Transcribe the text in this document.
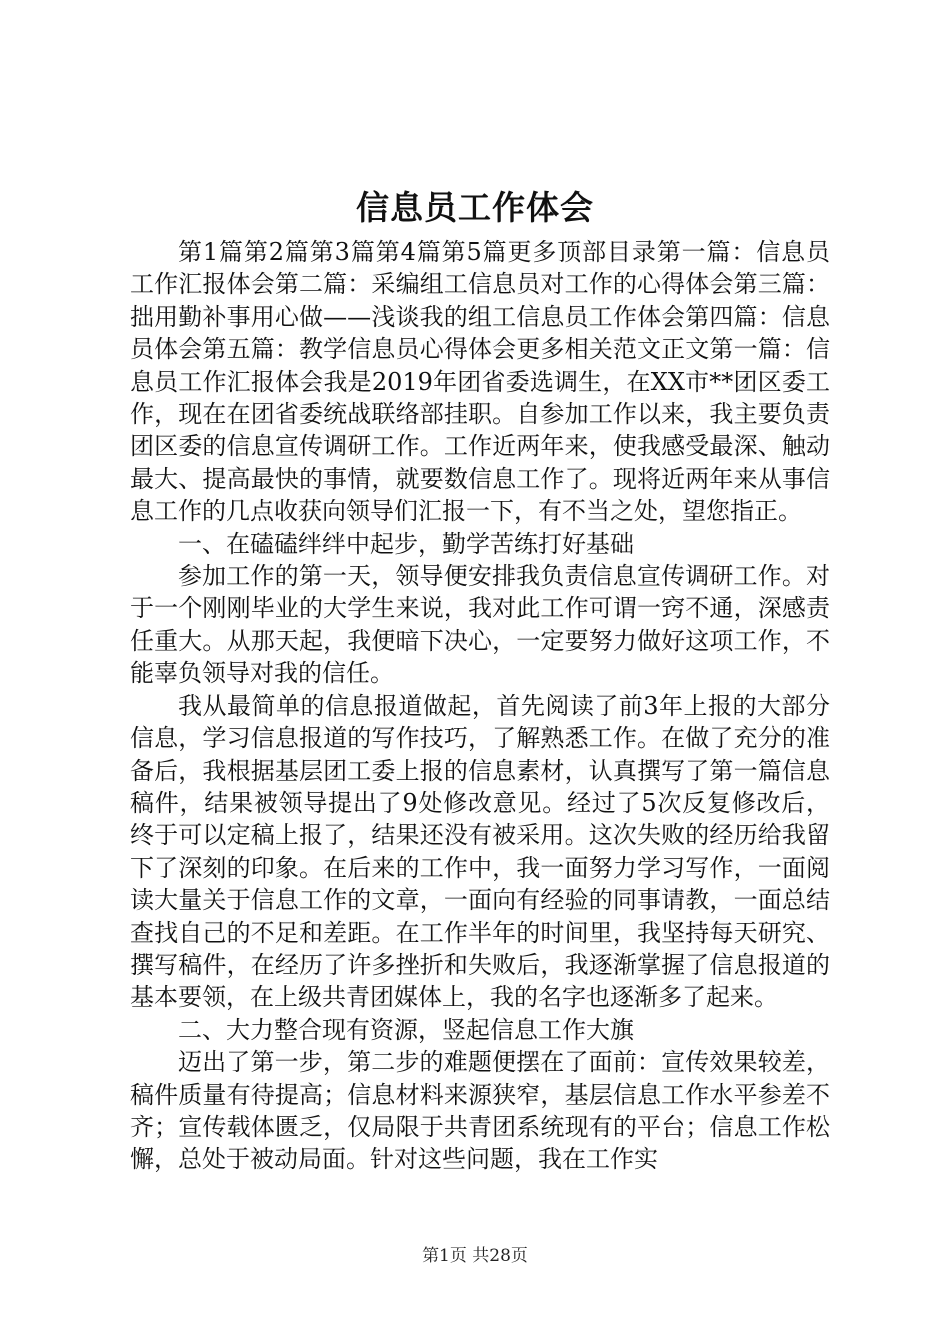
信息员工作体会

第1篇第2篇第3篇第4篇第5篇更多顶部目录第一篇：信息员工作汇报体会第二篇：采编组工信息员对工作的心得体会第三篇：拙用勤补事用心做——浅谈我的组工信息员工作体会第四篇：信息员体会第五篇：教学信息员心得体会更多相关范文正文第一篇：信息员工作汇报体会我是2019年团省委选调生，在XX市**团区委工作，现在在团省委统战联络部挂职。自参加工作以来，我主要负责团区委的信息宣传调研工作。工作近两年来，使我感受最深、触动最大、提高最快的事情，就要数信息工作了。现将近两年来从事信息工作的几点收获向领导们汇报一下，有不当之处，望您指正。

一、在磕磕绊绊中起步，勤学苦练打好基础

参加工作的第一天，领导便安排我负责信息宣传调研工作。对于一个刚刚毕业的大学生来说，我对此工作可谓一窍不通，深感责任重大。从那天起，我便暗下决心，一定要努力做好这项工作，不能辜负领导对我的信任。

我从最简单的信息报道做起，首先阅读了前3年上报的大部分信息，学习信息报道的写作技巧，了解熟悉工作。在做了充分的准备后，我根据基层团工委上报的信息素材，认真撰写了第一篇信息稿件，结果被领导提出了9处修改意见。经过了5次反复修改后，终于可以定稿上报了，结果还没有被采用。这次失败的经历给我留下了深刻的印象。在后来的工作中，我一面努力学习写作，一面阅读大量关于信息工作的文章，一面向有经验的同事请教，一面总结查找自己的不足和差距。在工作半年的时间里，我坚持每天研究、撰写稿件，在经历了许多挫折和失败后，我逐渐掌握了信息报道的基本要领，在上级共青团媒体上，我的名字也逐渐多了起来。

二、大力整合现有资源，竖起信息工作大旗

迈出了第一步，第二步的难题便摆在了面前：宣传效果较差，稿件质量有待提高；信息材料来源狭窄，基层信息工作水平参差不齐；宣传载体匮乏，仅局限于共青团系统现有的平台；信息工作松懈，总处于被动局面。针对这些问题，我在工作实

第1页 共28页
